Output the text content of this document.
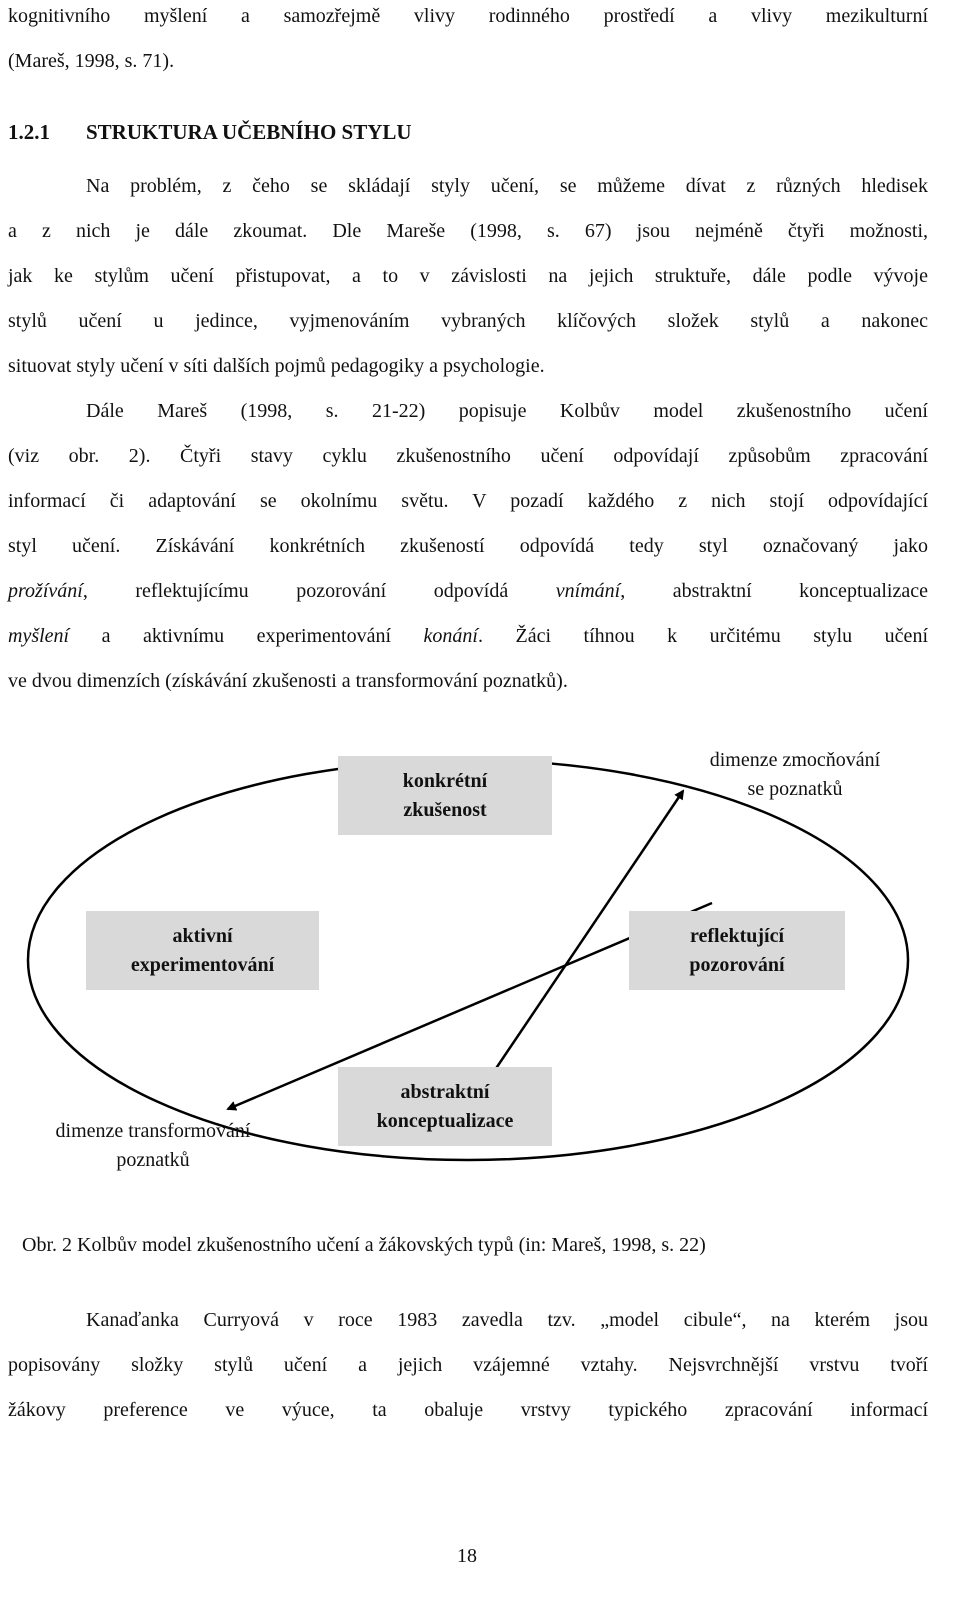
kognitivního myšlení a samozřejmě vlivy rodinného prostředí a vlivy mezikulturní
(Mareš, 1998, s. 71).
1.2.1 STRUKTURA UČEBNÍHO STYLU
Na problém, z čeho se skládají styly učení, se můžeme dívat z různých hledisek
a z nich je dále zkoumat. Dle Mareše (1998, s. 67) jsou nejméně čtyři možnosti,
jak ke stylům učení přistupovat, a to v závislosti na jejich struktuře, dále podle vývoje
stylů učení u jedince, vyjmenováním vybraných klíčových složek stylů a nakonec
situovat styly učení v síti dalších pojmů pedagogiky a psychologie.
Dále Mareš (1998, s. 21-22) popisuje Kolbův model zkušenostního učení
(viz obr. 2). Čtyři stavy cyklu zkušenostního učení odpovídají způsobům zpracování
informací či adaptování se okolnímu světu. V pozadí každého z nich stojí odpovídající
styl učení. Získávání konkrétních zkušeností odpovídá tedy styl označovaný jako
prožívání, reflektujícímu pozorování odpovídá vnímání, abstraktní konceptualizace
myšlení a aktivnímu experimentování konání. Žáci tíhnou k určitému stylu učení
ve dvou dimenzích (získávání zkušenosti a transformování poznatků).
konkrétní
zkušenost
aktivní
experimentování
reflektující
pozorování
abstraktní
konceptualizace
dimenze zmocňování
se poznatků
dimenze transformování
poznatků
Obr. 2 Kolbův model zkušenostního učení a žákovských typů (in: Mareš, 1998, s. 22)
Kanaďanka Curryová v roce 1983 zavedla tzv. „model cibule“, na kterém jsou
popisovány složky stylů učení a jejich vzájemné vztahy. Nejsvrchnější vrstvu tvoří
žákovy preference ve výuce, ta obaluje vrstvy typického zpracování informací
18
